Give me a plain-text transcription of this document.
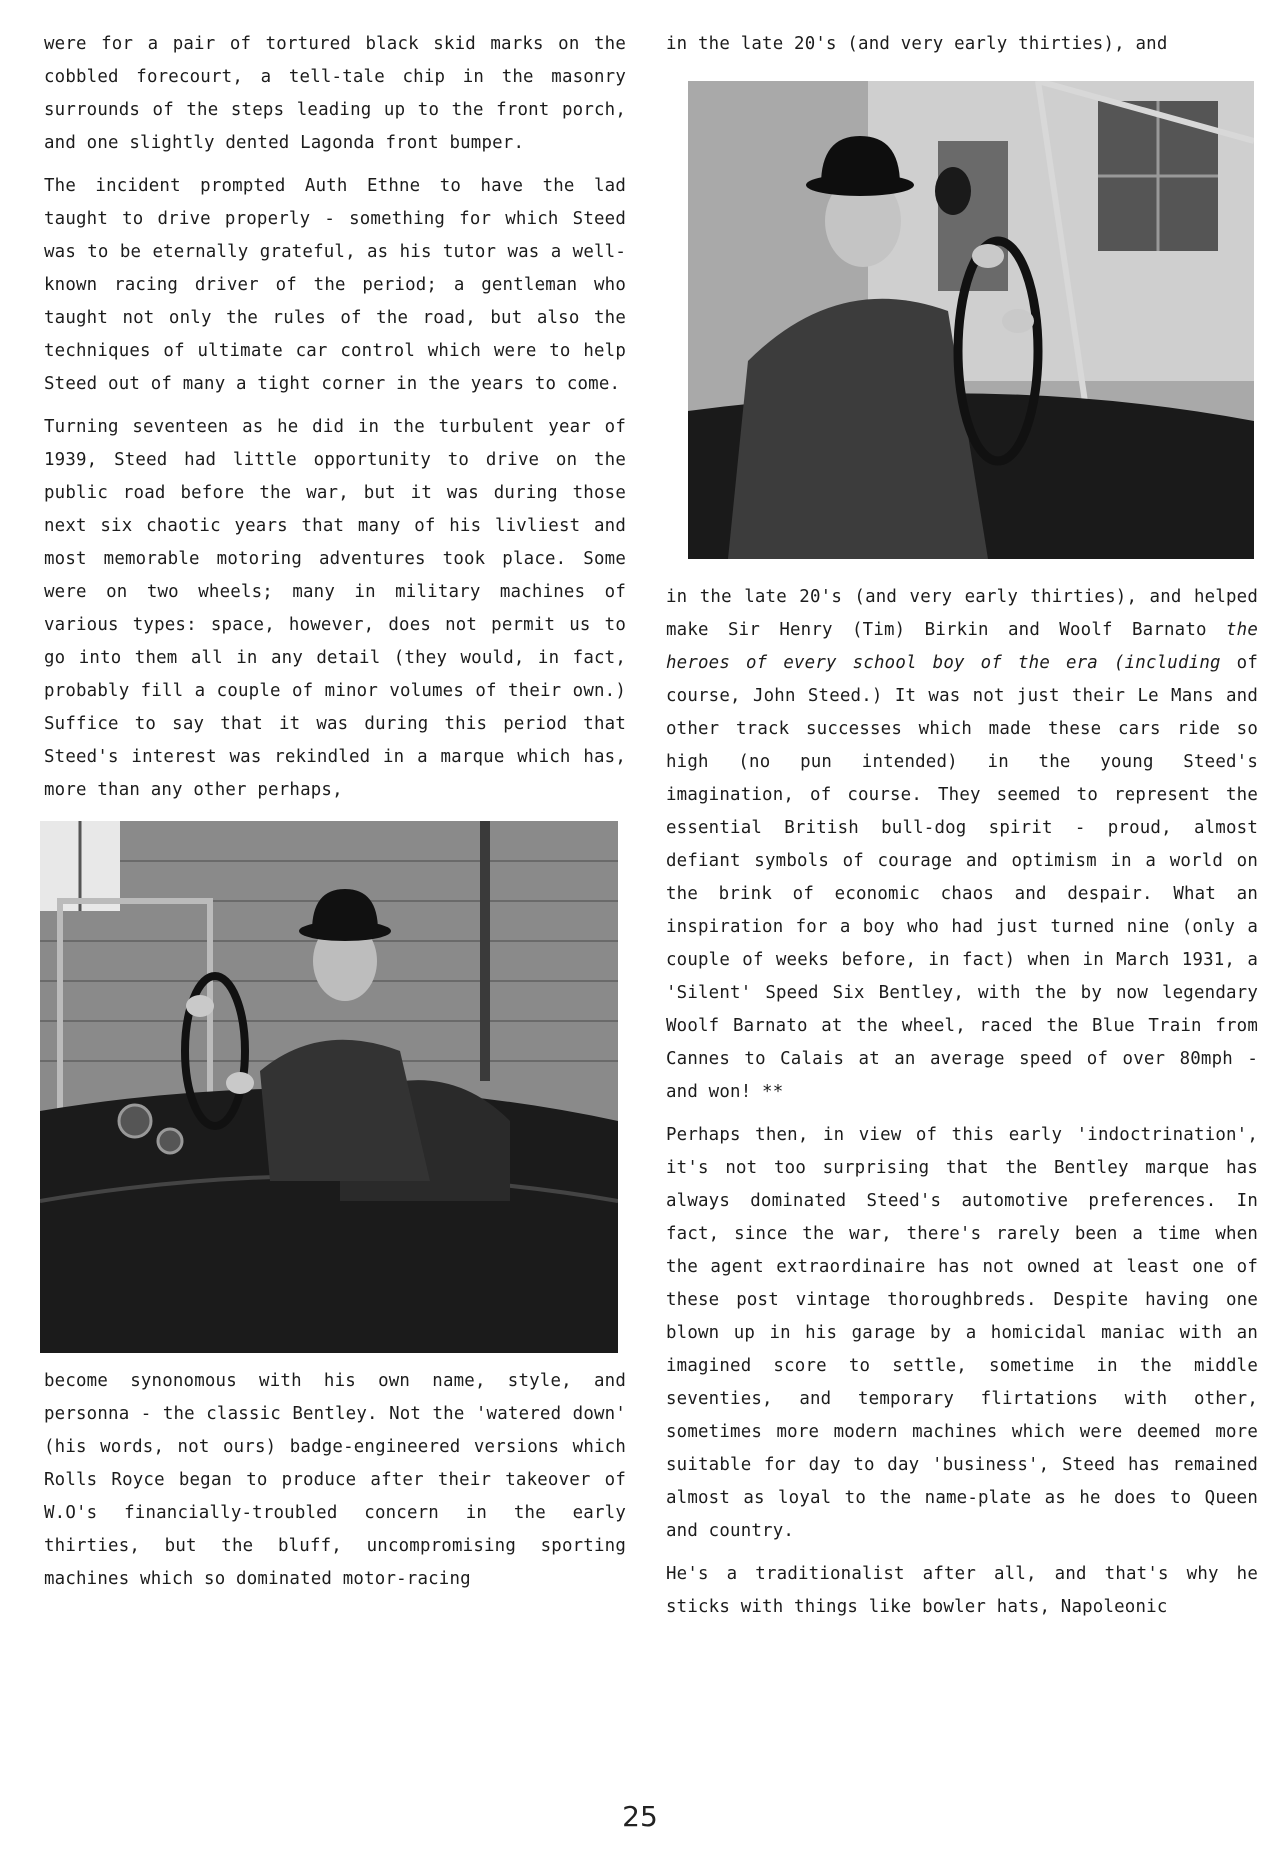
were for a pair of tortured black skid marks on the cobbled forecourt, a tell-tale chip in the masonry surrounds of the steps leading up to the front porch, and one slightly dented Lagonda front bumper.

The incident prompted Auth Ethne to have the lad taught to drive properly - something for which Steed was to be eternally grateful, as his tutor was a well-known racing driver of the period; a gentleman who taught not only the rules of the road, but also the techniques of ultimate car control which were to help Steed out of many a tight corner in the years to come.

Turning seventeen as he did in the turbulent year of 1939, Steed had little opportunity to drive on the public road before the war, but it was during those next six chaotic years that many of his livliest and most memorable motoring adventures took place. Some were on two wheels; many in military machines of various types: space, however, does not permit us to go into them all in any detail (they would, in fact, probably fill a couple of minor volumes of their own.) Suffice to say that it was during this period that Steed's interest was rekindled in a marque which has, more than any other perhaps,

become synonomous with his own name, style, and personna - the classic Bentley. Not the 'watered down' (his words, not ours) badge-engineered versions which Rolls Royce began to produce after their takeover of W.O's financially-troubled concern in the early thirties, but the bluff, uncompromising sporting machines which so dominated motor-racing

in the late 20's (and very early thirties), and

in the late 20's (and very early thirties), and helped make Sir Henry (Tim) Birkin and Woolf Barnato the heroes of every school boy of the era (including of course, John Steed.) It was not just their Le Mans and other track successes which made these cars ride so high (no pun intended) in the young Steed's imagination, of course. They seemed to represent the essential British bull-dog spirit - proud, almost defiant symbols of courage and optimism in a world on the brink of economic chaos and despair. What an inspiration for a boy who had just turned nine (only a couple of weeks before, in fact) when in March 1931, a 'Silent' Speed Six Bentley, with the by now legendary Woolf Barnato at the wheel, raced the Blue Train from Cannes to Calais at an average speed of over 80mph - and won! **

Perhaps then, in view of this early 'indoctrination', it's not too surprising that the Bentley marque has always dominated Steed's automotive preferences. In fact, since the war, there's rarely been a time when the agent extraordinaire has not owned at least one of these post vintage thoroughbreds. Despite having one blown up in his garage by a homicidal maniac with an imagined score to settle, sometime in the middle seventies, and temporary flirtations with other, sometimes more modern machines which were deemed more suitable for day to day 'business', Steed has remained almost as loyal to the name-plate as he does to Queen and country.

He's a traditionalist after all, and that's why he sticks with things like bowler hats, Napoleonic

25
